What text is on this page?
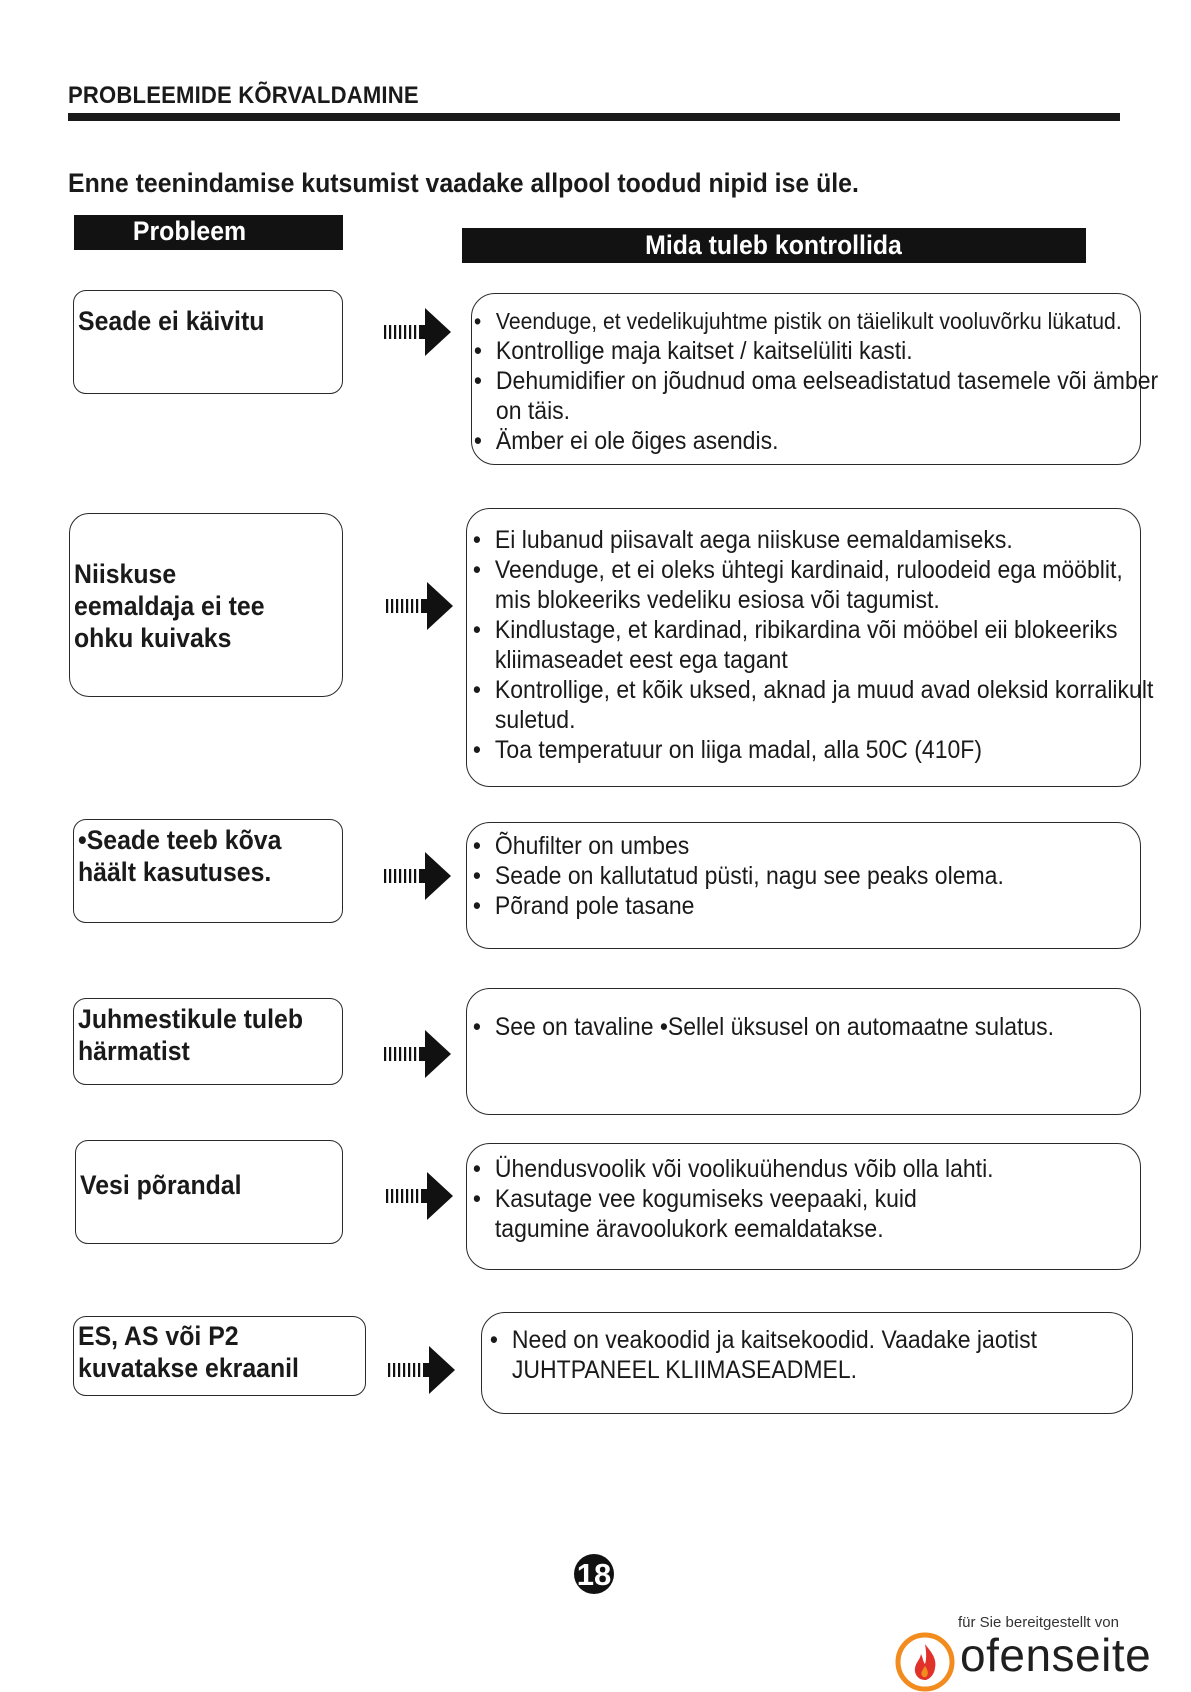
PROBLEEMIDE KÕRVALDAMINE
Enne teenindamise kutsumist vaadake allpool toodud nipid ise üle.
Probleem	Mida tuleb kontrollida
Seade ei käivitu
•	Veenduge, et vedelikujuhtme pistik on täielikult vooluvõrku lükatud.
• Kontrollige maja kaitset / kaitselüliti kasti.
• Dehumidifier on jõudnud oma eelseadistatud tasemele või ämber on täis.
• Ämber ei ole õiges asendis.
Niiskuse eemaldaja ei tee ohku kuivaks
• Ei lubanud piisavalt aega niiskuse eemaldamiseks.
• Veenduge, et ei oleks ühtegi kardinaid, ruloodeid ega mööblit, mis blokeeriks vedeliku esiosa või tagumist.
• Kindlustage, et kardinad, ribikardina või mööbel eii blokeeriks kliimaseadet eest ega tagant
• Kontrollige, et kõik uksed, aknad ja muud avad oleksid korralikult suletud.
• Toa temperatuur on liiga madal, alla 50C (410F)
•Seade teeb kõva häält kasutuses.
• Õhufilter on umbes
• Seade on kallutatud püsti, nagu see peaks olema.
• Põrand pole tasane
Juhmestikule tuleb härmatist
• See on tavaline •Sellel üksusel on automaatne sulatus.
Vesi põrandal
• Ühendusvoolik või voolikuühendus võib olla lahti.
• Kasutage vee kogumiseks veepaaki, kuid tagumine äravoolukork eemaldatakse.
ES, AS või P2 kuvatakse ekraanil
• Need on veakoodid ja kaitsekoodid. Vaadake jaotist JUHTPANEEL KLIIMASEADMEL.
18
für Sie bereitgestellt von
ofenseite
